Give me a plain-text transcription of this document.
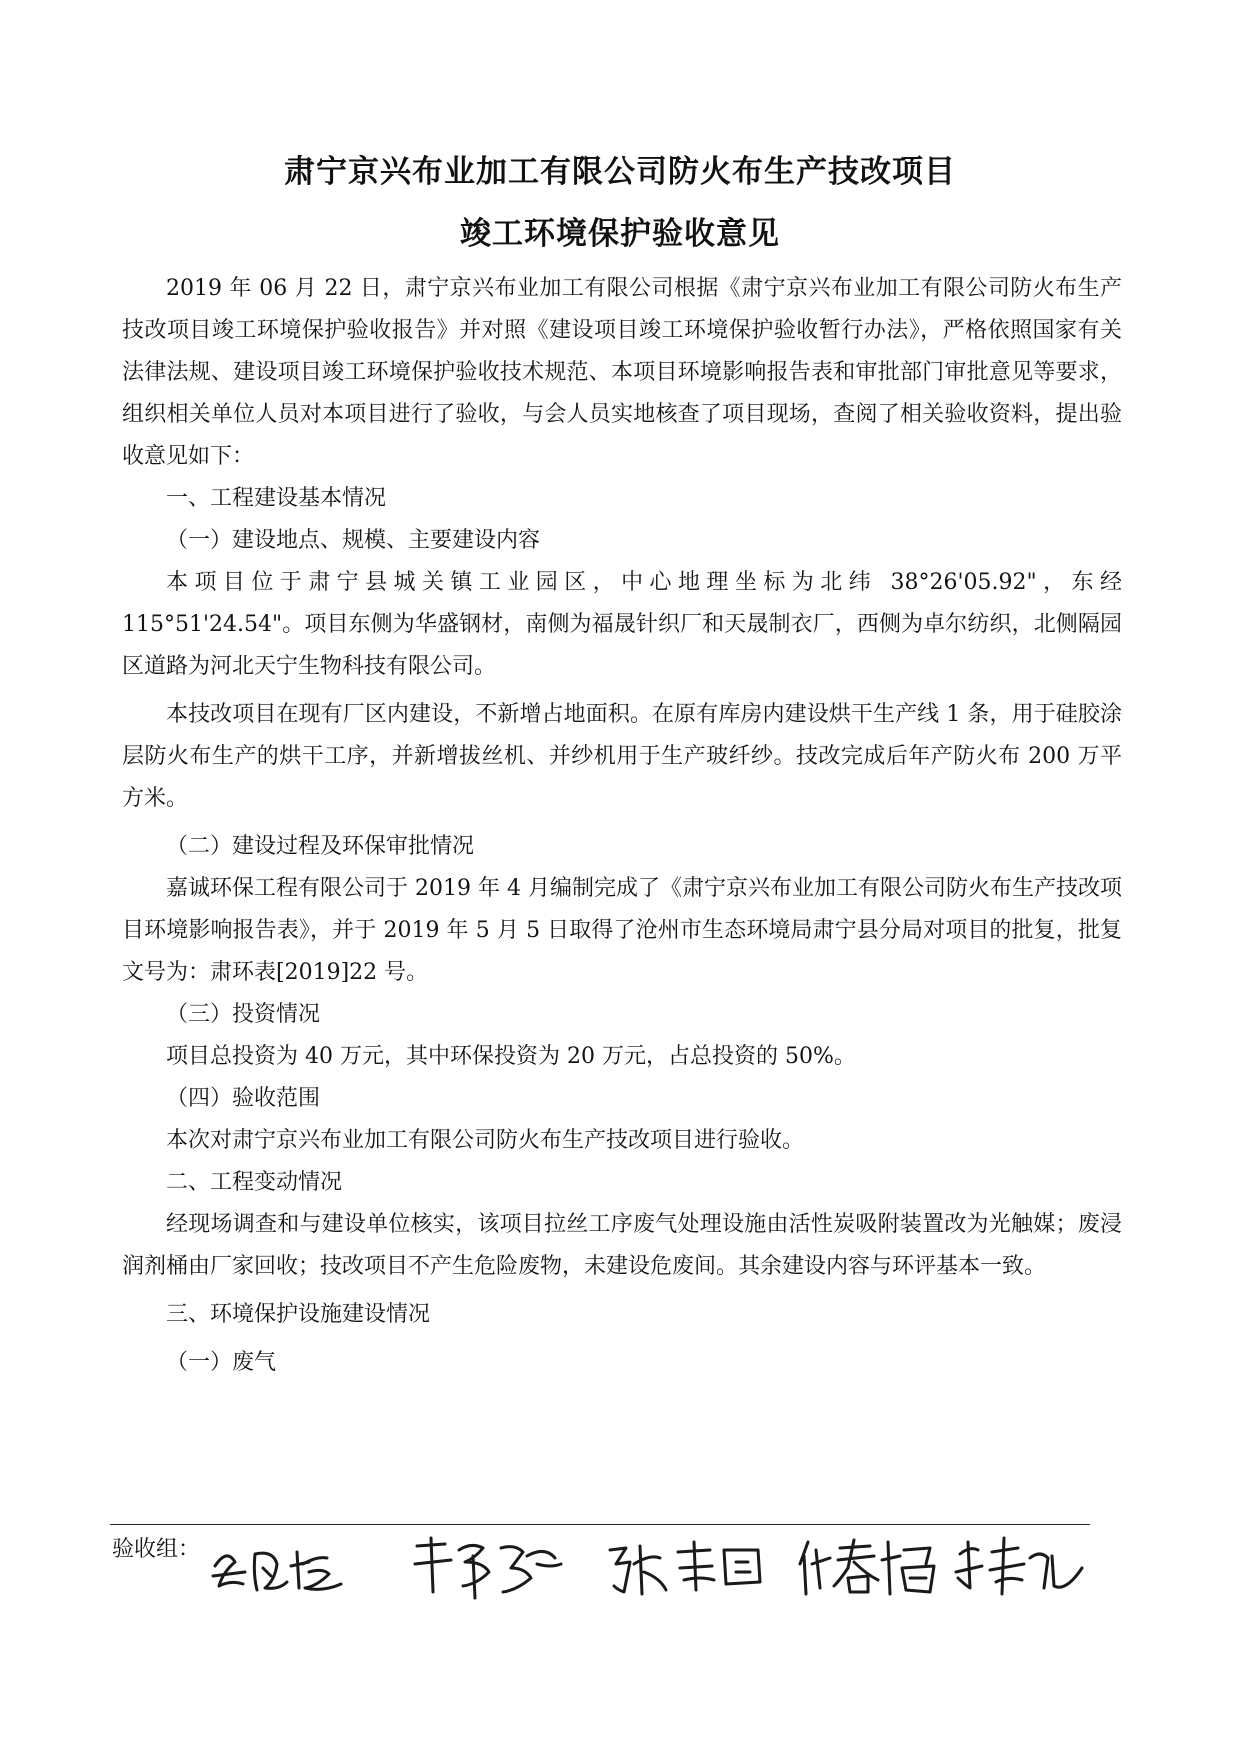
肃宁京兴布业加工有限公司防火布生产技改项目
竣工环境保护验收意见

2019 年 06 月 22 日，肃宁京兴布业加工有限公司根据《肃宁京兴布业加工有限公司防火布生产技改项目竣工环境保护验收报告》并对照《建设项目竣工环境保护验收暂行办法》，严格依照国家有关法律法规、建设项目竣工环境保护验收技术规范、本项目环境影响报告表和审批部门审批意见等要求，组织相关单位人员对本项目进行了验收，与会人员实地核查了项目现场，查阅了相关验收资料，提出验收意见如下：

一、工程建设基本情况

（一）建设地点、规模、主要建设内容

本项目位于肃宁县城关镇工业园区，中心地理坐标为北纬 38°26'05.92"，东经 115°51'24.54"。项目东侧为华盛钢材，南侧为福晟针织厂和天晟制衣厂，西侧为卓尔纺织，北侧隔园区道路为河北天宁生物科技有限公司。

本技改项目在现有厂区内建设，不新增占地面积。在原有库房内建设烘干生产线 1 条，用于硅胶涂层防火布生产的烘干工序，并新增拔丝机、并纱机用于生产玻纤纱。技改完成后年产防火布 200 万平方米。

（二）建设过程及环保审批情况

嘉诚环保工程有限公司于 2019 年 4 月编制完成了《肃宁京兴布业加工有限公司防火布生产技改项目环境影响报告表》，并于 2019 年 5 月 5 日取得了沧州市生态环境局肃宁县分局对项目的批复，批复文号为：肃环表[2019]22 号。

（三）投资情况

项目总投资为 40 万元，其中环保投资为 20 万元，占总投资的 50%。

（四）验收范围

本次对肃宁京兴布业加工有限公司防火布生产技改项目进行验收。

二、工程变动情况

经现场调查和与建设单位核实，该项目拉丝工序废气处理设施由活性炭吸附装置改为光触媒；废浸润剂桶由厂家回收；技改项目不产生危险废物，未建设危废间。其余建设内容与环评基本一致。

三、环境保护设施建设情况

（一）废气

验收组：
